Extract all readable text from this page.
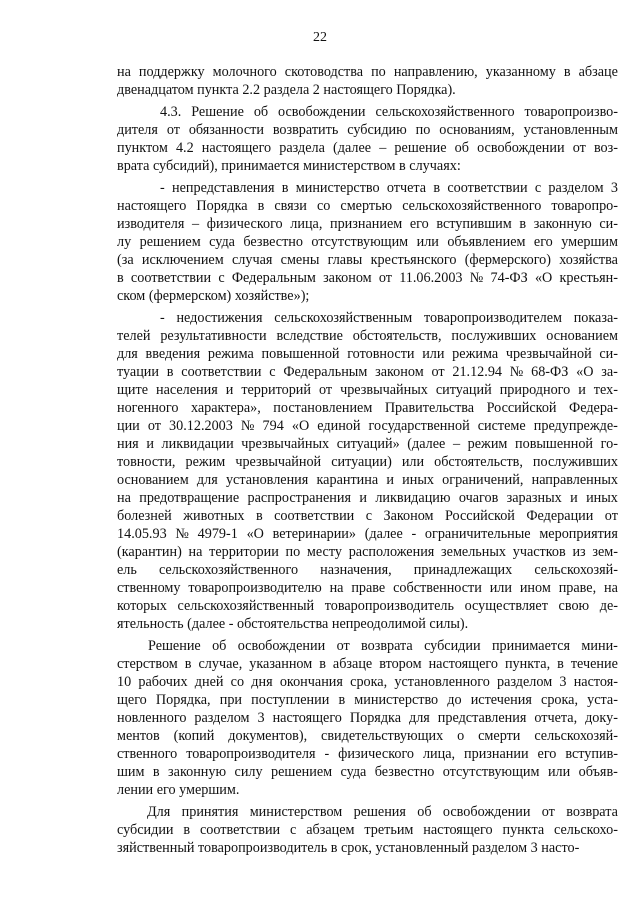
22
на поддержку молочного скотоводства по направлению, указанному в абзаце
двенадцатом пункта 2.2 раздела 2 настоящего Порядка).
4.3. Решение об освобождении сельскохозяйственного товаропроизво-
дителя от обязанности возвратить субсидию по основаниям, установленным
пунктом 4.2 настоящего раздела (далее – решение об освобождении от воз-
врата субсидий), принимается министерством в случаях:
- непредставления в министерство отчета в соответствии с разделом 3
настоящего Порядка в связи со смертью сельскохозяйственного товаропро-
изводителя – физического лица, признанием его вступившим в законную си-
лу решением суда безвестно отсутствующим или объявлением его умершим
(за исключением случая смены главы крестьянского (фермерского) хозяйства
в соответствии с Федеральным законом от 11.06.2003 № 74-ФЗ «О крестьян-
ском (фермерском) хозяйстве»);
- недостижения сельскохозяйственным товаропроизводителем показа-
телей результативности вследствие обстоятельств, послуживших основанием
для введения режима повышенной готовности или режима чрезвычайной си-
туации в соответствии с Федеральным законом от 21.12.94 № 68-ФЗ «О за-
щите населения и территорий от чрезвычайных ситуаций природного и тех-
ногенного характера», постановлением Правительства Российской Федера-
ции от 30.12.2003 № 794 «О единой государственной системе предупрежде-
ния и ликвидации чрезвычайных ситуаций» (далее – режим повышенной го-
товности, режим чрезвычайной ситуации) или обстоятельств, послуживших
основанием для установления карантина и иных ограничений, направленных
на предотвращение распространения и ликвидацию очагов заразных и иных
болезней животных в соответствии с Законом Российской Федерации от
14.05.93 № 4979-1 «О ветеринарии» (далее - ограничительные мероприятия
(карантин) на территории по месту расположения земельных участков из зем-
ель сельскохозяйственного назначения, принадлежащих сельскохозяй-
ственному товаропроизводителю на праве собственности или ином праве, на
которых сельскохозяйственный товаропроизводитель осуществляет свою де-
ятельность (далее - обстоятельства непреодолимой силы).
Решение об освобождении от возврата субсидии принимается мини-
стерством в случае, указанном в абзаце втором настоящего пункта, в течение
10 рабочих дней со дня окончания срока, установленного разделом 3 настоя-
щего Порядка, при поступлении в министерство до истечения срока, уста-
новленного разделом 3 настоящего Порядка для представления отчета, доку-
ментов (копий документов), свидетельствующих о смерти сельскохозяй-
ственного товаропроизводителя - физического лица, признании его вступив-
шим в законную силу решением суда безвестно отсутствующим или объяв-
лении его умершим.
Для принятия министерством решения об освобождении от возврата
субсидии в соответствии с абзацем третьим настоящего пункта сельскохо-
зяйственный товаропроизводитель в срок, установленный разделом 3 насто-
